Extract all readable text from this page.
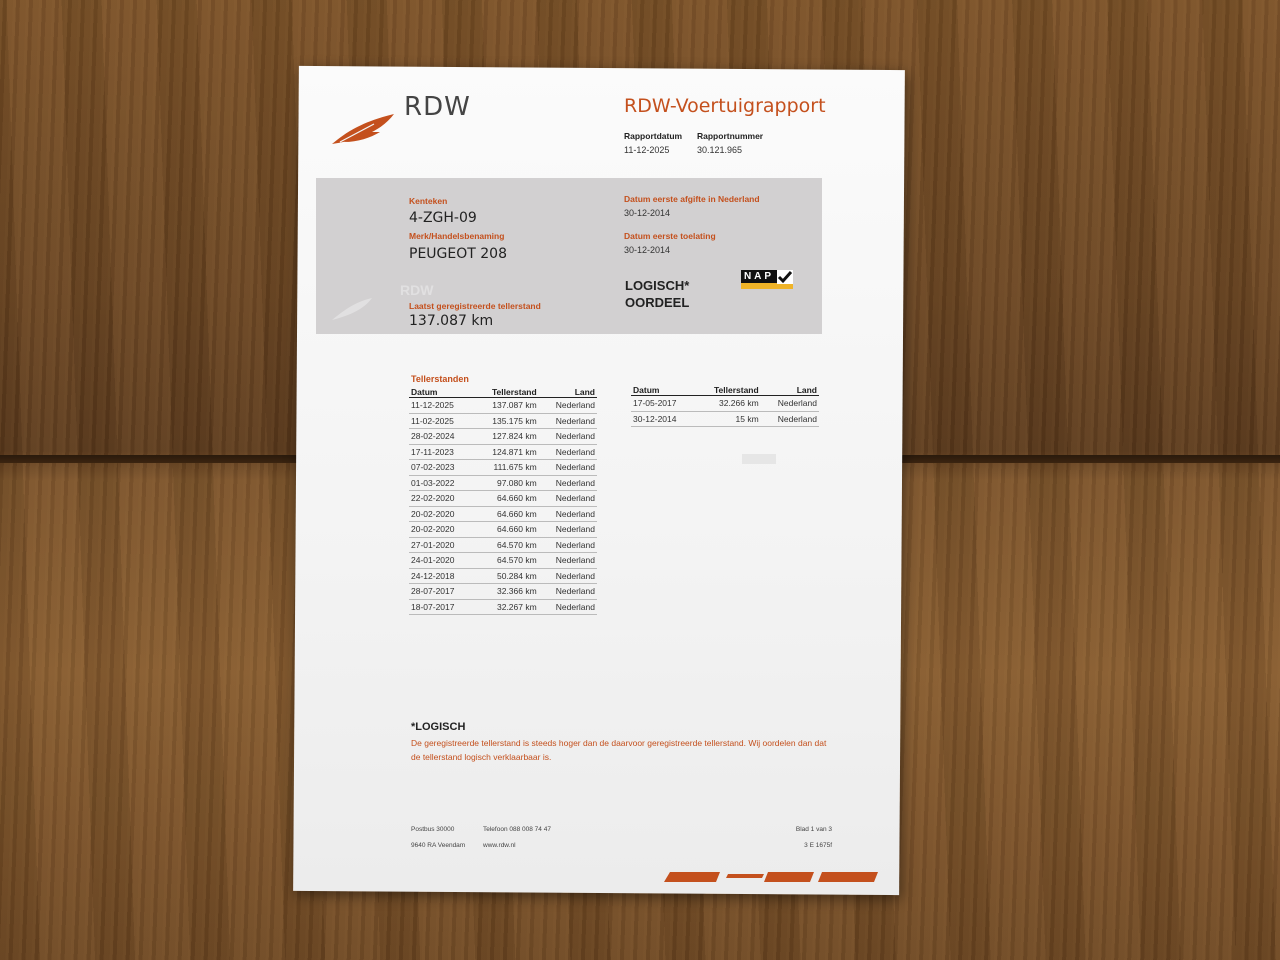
RDW	RDW-Voertuigrapport
Rapportdatum
11-12-2025
Rapportnummer
30.121.965
RDW
Kenteken
4-ZGH-09
Merk/Handelsbenaming
PEUGEOT 208
Laatst geregistreerde tellerstand
137.087 km
Datum eerste afgifte in Nederland
30-12-2014
Datum eerste toelating
30-12-2014
LOGISCH*
OORDEEL
NAP
Tellerstanden
Datum	Tellerstand	Land
11-12-2025	137.087 km	Nederland
11-02-2025	135.175 km	Nederland
28-02-2024	127.824 km	Nederland
17-11-2023	124.871 km	Nederland
07-02-2023	111.675 km	Nederland
01-03-2022	97.080 km	Nederland
22-02-2020	64.660 km	Nederland
20-02-2020	64.660 km	Nederland
20-02-2020	64.660 km	Nederland
27-01-2020	64.570 km	Nederland
24-01-2020	64.570 km	Nederland
24-12-2018	50.284 km	Nederland
28-07-2017	32.366 km	Nederland
18-07-2017	32.267 km	Nederland
Datum	Tellerstand	Land
17-05-2017	32.266 km	Nederland
30-12-2014	15 km	Nederland
*LOGISCH
De geregistreerde tellerstand is steeds hoger dan de daarvoor geregistreerde tellerstand. Wij oordelen dan dat de tellerstand logisch verklaarbaar is.
Postbus 30000
9640 RA Veendam
Telefoon 088 008 74 47
www.rdw.nl
Blad 1 van 3
3 E 1675f
